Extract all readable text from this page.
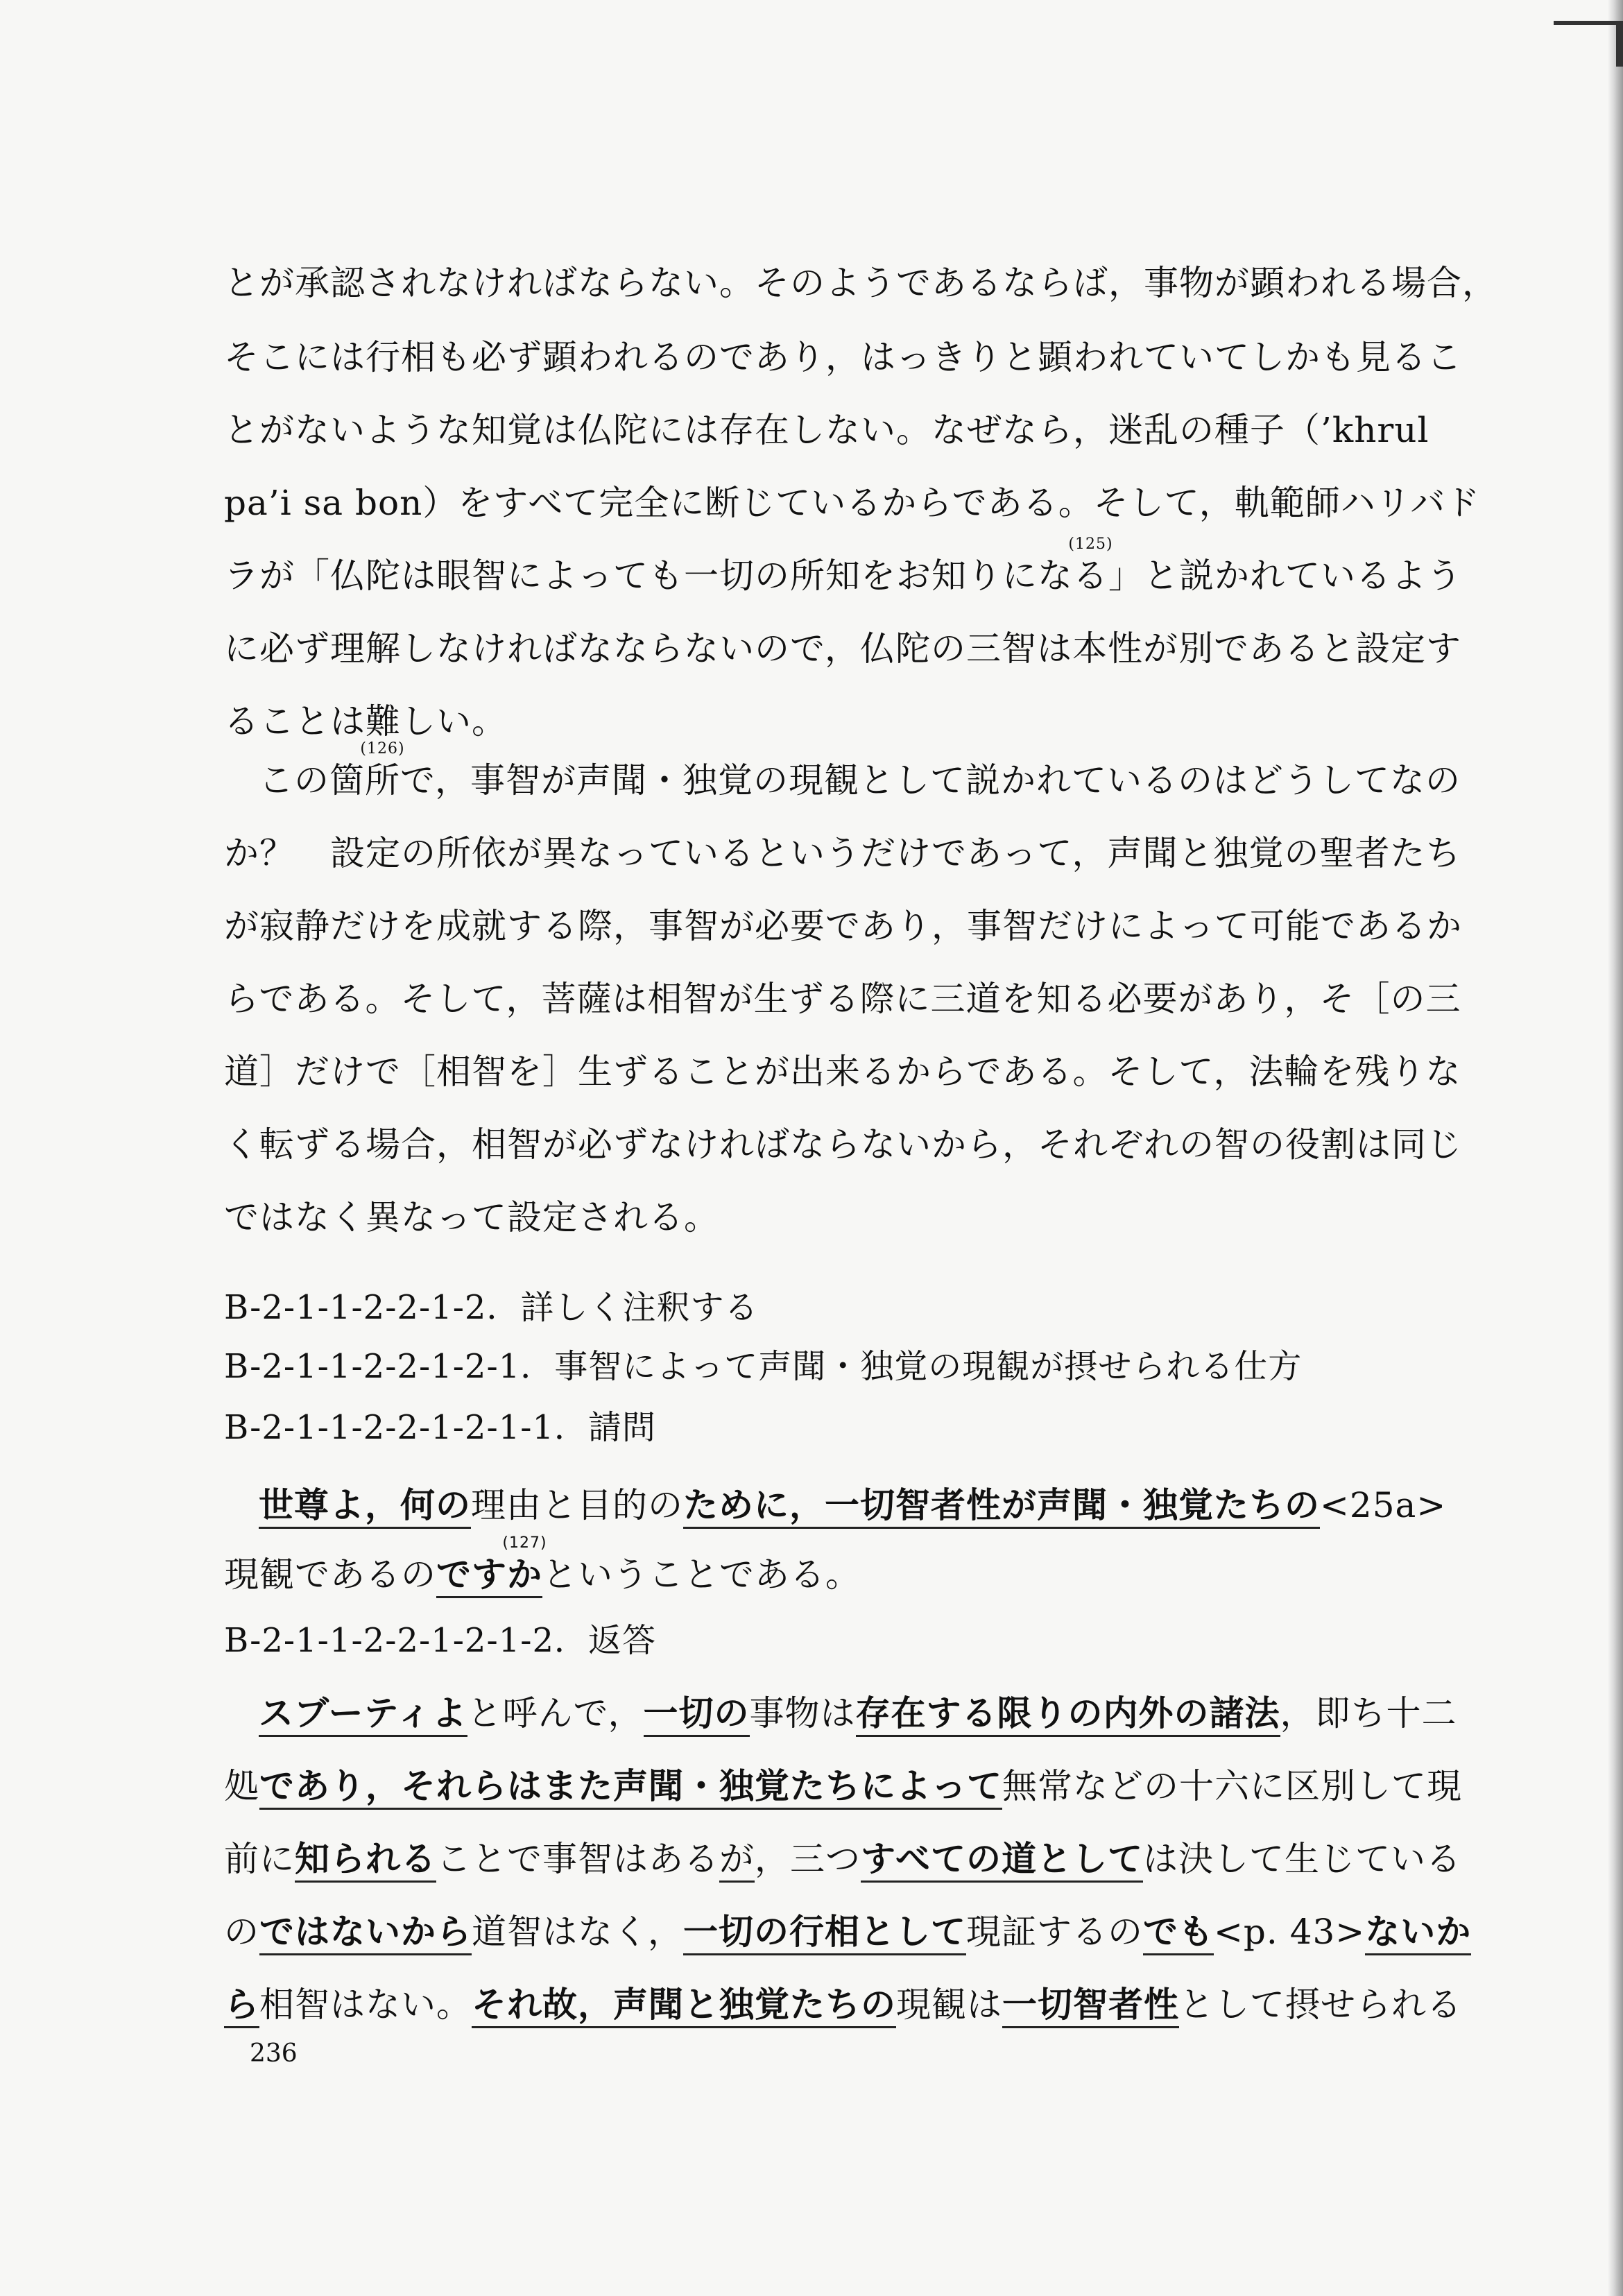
とが承認されなければならない。そのようであるならば，事物が顕われる場合，
そこには行相も必ず顕われるのであり，はっきりと顕われていてしかも見るこ
とがないような知覚は仏陀には存在しない。なぜなら，迷乱の種子（’khrul
pa’i sa bon）をすべて完全に断じているからである。そして，軌範師ハリバド
ラが「仏陀は眼智によっても一切の所知をお知りにな
(125)
る」と説かれているよう
に必ず理解しなければなならないので，仏陀の三智は本性が別であると設定す
ることは難しい。
この箇
(126)
所で，事智が声聞・独覚の現観として説かれているのはどうしてなの
か？　設定の所依が異なっているというだけであって，声聞と独覚の聖者たち
が寂静だけを成就する際，事智が必要であり，事智だけによって可能であるか
らである。そして，菩薩は相智が生ずる際に三道を知る必要があり，そ［の三
道］だけで［相智を］生ずることが出来るからである。そして，法輪を残りな
く転ずる場合，相智が必ずなければならないから，それぞれの智の役割は同じ
ではなく異なって設定される。
B-2-1-1-2-2-1-2．詳しく注釈する
B-2-1-1-2-2-1-2-1．事智によって声聞・独覚の現観が摂せられる仕方
B-2-1-1-2-2-1-2-1-1．請問
世尊よ，何の理由と目的のために，一切智者性が声聞・独覚たちの<25a>
現観であるのです
(127)
かということである。
B-2-1-1-2-2-1-2-1-2．返答
スブーティよと呼んで，一切の事物は存在する限りの内外の諸法，即ち十二
処であり，それらはまた声聞・独覚たちによって無常などの十六に区別して現
前に知られることで事智はあるが，三つすべての道としては決して生じている
のではないから道智はなく，一切の行相として現証するのでも<p. 43>ないか
ら相智はない。それ故，声聞と独覚たちの現観は一切智者性として摂せられる
236
